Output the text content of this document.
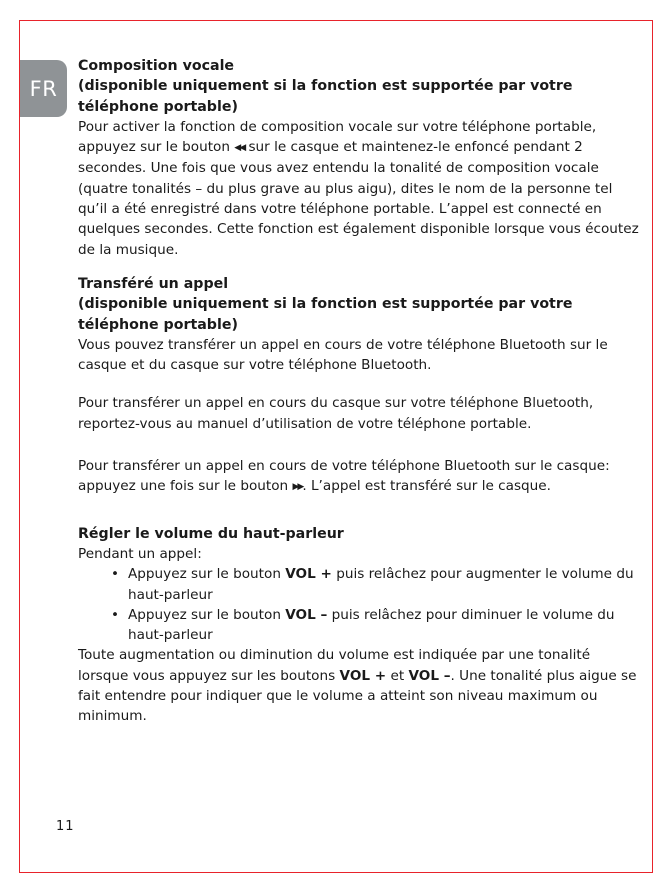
FR
Composition vocale
(disponible uniquement si la fonction est supportée par votre téléphone portable)

Pour activer la fonction de composition vocale sur votre téléphone portable, appuyez sur le bouton ◀◀ sur le casque et maintenez-le enfoncé pendant 2 secondes. Une fois que vous avez entendu la tonalité de composition vocale (quatre tonalités – du plus grave au plus aigu), dites le nom de la personne tel qu’il a été enregistré dans votre téléphone portable. L’appel est connecté en quelques secondes. Cette fonction est également disponible lorsque vous écoutez de la musique.

Transféré un appel
(disponible uniquement si la fonction est supportée par votre téléphone portable)

Vous pouvez transférer un appel en cours de votre téléphone Bluetooth sur le casque et du casque sur votre téléphone Bluetooth.

Pour transférer un appel en cours du casque sur votre téléphone Bluetooth, reportez-vous au manuel d’utilisation de votre téléphone portable.

Pour transférer un appel en cours de votre téléphone Bluetooth sur le casque: appuyez une fois sur le bouton ▶▶. L’appel est transféré sur le casque.

Régler le volume du haut-parleur

Pendant un appel:

• Appuyez sur le bouton VOL + puis relâchez pour augmenter le volume du haut-parleur
• Appuyez sur le bouton VOL – puis relâchez pour diminuer le volume du haut-parleur

Toute augmentation ou diminution du volume est indiquée par une tonalité lorsque vous appuyez sur les boutons VOL + et VOL –. Une tonalité plus aigue se fait entendre pour indiquer que le volume a atteint son niveau maximum ou minimum.

11
